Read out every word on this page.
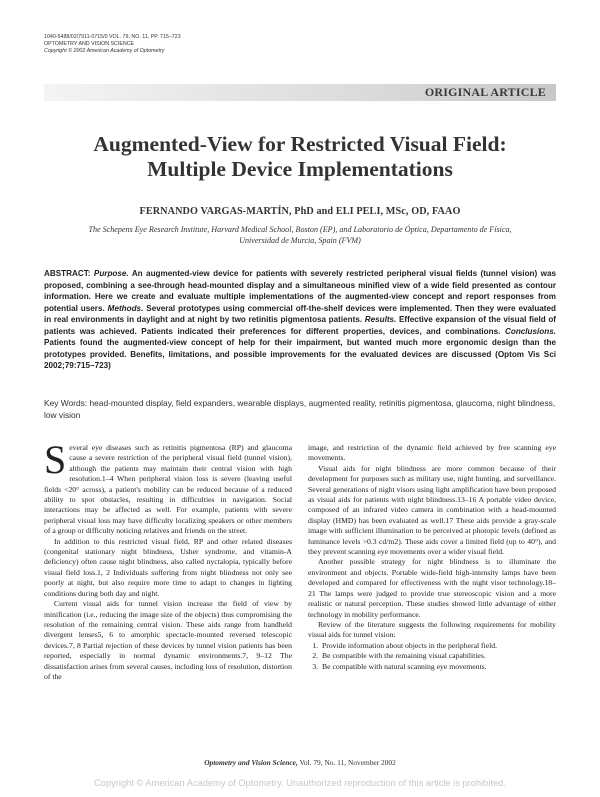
1040-5488/02/7911-0715/0 VOL. 79, NO. 11, PP. 715–723
OPTOMETRY AND VISION SCIENCE
Copyright © 2002 American Academy of Optometry
ORIGINAL ARTICLE
Augmented-View for Restricted Visual Field:
Multiple Device Implementations
FERNANDO VARGAS-MARTÍN, PhD and ELI PELI, MSc, OD, FAAO
The Schepens Eye Research Institute, Harvard Medical School, Boston (EP), and Laboratorio de Óptica, Departamento de Física,
Universidad de Murcia, Spain (FVM)
ABSTRACT: Purpose. An augmented-view device for patients with severely restricted peripheral visual fields (tunnel vision) was proposed, combining a see-through head-mounted display and a simultaneous minified view of a wide field presented as contour information. Here we create and evaluate multiple implementations of the augmented-view concept and report responses from potential users. Methods. Several prototypes using commercial off-the-shelf devices were implemented. Then they were evaluated in real environments in daylight and at night by two retinitis pigmentosa patients. Results. Effective expansion of the visual field of patients was achieved. Patients indicated their preferences for different properties, devices, and combinations. Conclusions. Patients found the augmented-view concept of help for their impairment, but wanted much more ergonomic design than the prototypes provided. Benefits, limitations, and possible improvements for the evaluated devices are discussed (Optom Vis Sci 2002;79:715–723)
Key Words: head-mounted display, field expanders, wearable displays, augmented reality, retinitis pigmentosa, glaucoma, night blindness, low vision

Several eye diseases such as retinitis pigmentosa (RP) and glaucoma cause a severe restriction of the peripheral visual field (tunnel vision), although the patients may maintain their central vision with high resolution.1–4 When peripheral vision loss is severe (leaving useful fields <20° across), a patient's mobility can be reduced because of a reduced ability to spot obstacles, resulting in difficulties in navigation. Social interactions may be affected as well. For example, patients with severe peripheral visual loss may have difficulty localizing speakers or other members of a group or difficulty noticing relatives and friends on the street.

In addition to this restricted visual field, RP and other related diseases (congenital stationary night blindness, Usher syndrome, and vitamin-A deficiency) often cause night blindness, also called nyctalopia, typically before visual field loss.1, 2 Individuals suffering from night blindness not only see poorly at night, but also require more time to adapt to changes in lighting conditions during both day and night.

Current visual aids for tunnel vision increase the field of view by minification (i.e., reducing the image size of the objects) thus compromising the resolution of the remaining central vision. These aids range from handheld divergent lenses5, 6 to amorphic spectacle-mounted reversed telescopic devices.7, 8 Partial rejection of these devices by tunnel vision patients has been reported, especially in normal dynamic environments.7, 9–12 The dissatisfaction arises from several causes, including loss of resolution, distortion of the

image, and restriction of the dynamic field achieved by free scanning eye movements.

Visual aids for night blindness are more common because of their development for purposes such as military use, night hunting, and surveillance. Several generations of night visors using light amplification have been proposed as visual aids for patients with night blindness.13–16 A portable video device, composed of an infrared video camera in combination with a head-mounted display (HMD) has been evaluated as well.17 These aids provide a gray-scale image with sufficient illumination to be perceived at photopic levels (defined as luminance levels >0.3 cd/m2). These aids cover a limited field (up to 40°), and they prevent scanning eye movements over a wider visual field.

Another possible strategy for night blindness is to illuminate the environment and objects. Portable wide-field high-intensity lamps have been developed and compared for effectiveness with the night visor technology.18–21 The lamps were judged to provide true stereoscopic vision and a more realistic or natural perception. These studies showed little advantage of either technology in mobility performance.

Review of the literature suggests the following requirements for mobility visual aids for tunnel vision:

1. Provide information about objects in the peripheral field.
2. Be compatible with the remaining visual capabilities.
3. Be compatible with natural scanning eye movements.
Optometry and Vision Science, Vol. 79, No. 11, November 2002
Copyright © American Academy of Optometry. Unauthorized reproduction of this article is prohibited.
